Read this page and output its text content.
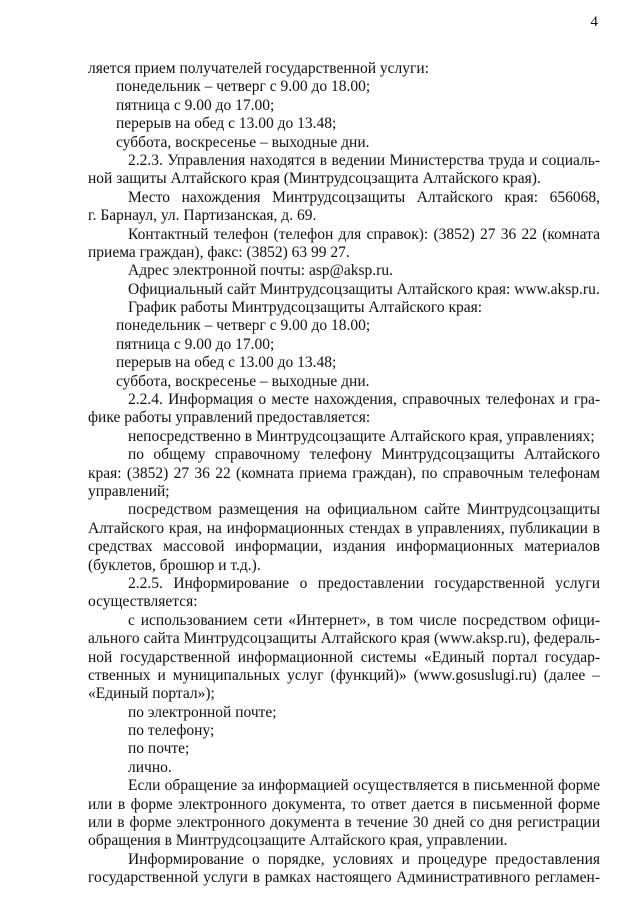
4
ляется прием получателей государственной услуги:
понедельник – четверг с 9.00 до 18.00;
пятница с 9.00 до 17.00;
перерыв на обед с 13.00 до 13.48;
суббота, воскресенье – выходные дни.
2.2.3. Управления находятся в ведении Министерства труда и социаль-
ной защиты Алтайского края (Минтрудсоцзащита Алтайского края).
Место нахождения Минтрудсоцзащиты Алтайского края: 656068,
г. Барнаул, ул. Партизанская, д. 69.
Контактный телефон (телефон для справок): (3852) 27 36 22 (комната
приема граждан), факс: (3852) 63 99 27.
Адрес электронной почты: asp@aksp.ru.
Официальный сайт Минтрудсоцзащиты Алтайского края: www.aksp.ru.
График работы Минтрудсоцзащиты Алтайского края:
понедельник – четверг с 9.00 до 18.00;
пятница с 9.00 до 17.00;
перерыв на обед с 13.00 до 13.48;
суббота, воскресенье – выходные дни.
2.2.4. Информация о месте нахождения, справочных телефонах и гра-
фике работы управлений предоставляется:
непосредственно в Минтрудсоцзащите Алтайского края, управлениях;
по общему справочному телефону Минтрудсоцзащиты Алтайского
края: (3852) 27 36 22 (комната приема граждан), по справочным телефонам
управлений;
посредством размещения на официальном сайте Минтрудсоцзащиты
Алтайского края, на информационных стендах в управлениях, публикации в
средствах массовой информации, издания информационных материалов
(буклетов, брошюр и т.д.).
2.2.5. Информирование о предоставлении государственной услуги
осуществляется:
с использованием сети «Интернет», в том числе посредством офици-
ального сайта Минтрудсоцзащиты Алтайского края (www.aksp.ru), федераль-
ной государственной информационной системы «Единый портал государ-
ственных и муниципальных услуг (функций)» (www.gosuslugi.ru) (далее –
«Единый портал»);
по электронной почте;
по телефону;
по почте;
лично.
Если обращение за информацией осуществляется в письменной форме
или в форме электронного документа, то ответ дается в письменной форме
или в форме электронного документа в течение 30 дней со дня регистрации
обращения в Минтрудсоцзащите Алтайского края, управлении.
Информирование о порядке, условиях и процедуре предоставления
государственной услуги в рамках настоящего Административного регламен-
